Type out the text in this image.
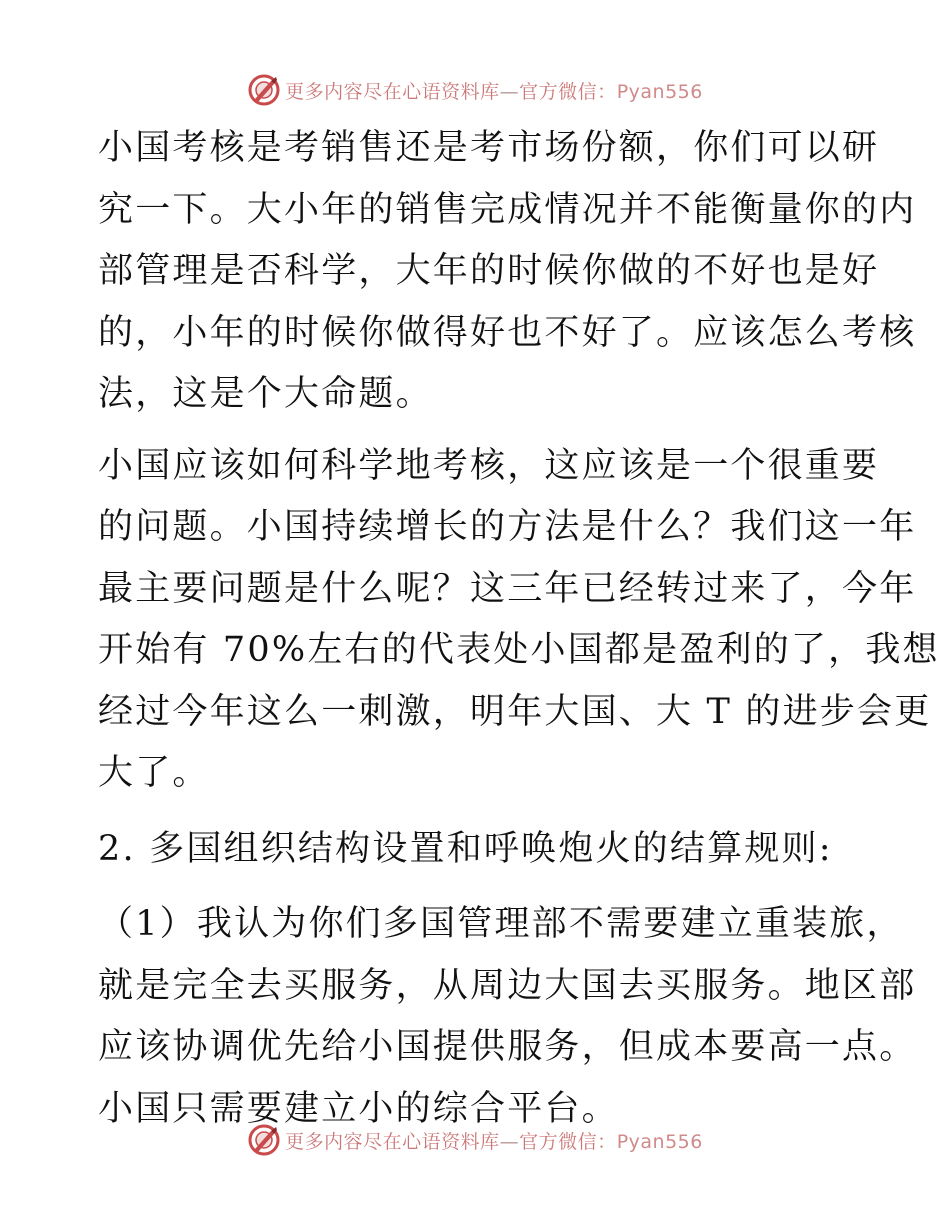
更多内容尽在心语资料库—官方微信：Pyan556

小国考核是考销售还是考市场份额，你们可以研
究一下。大小年的销售完成情况并不能衡量你的内
部管理是否科学，大年的时候你做的不好也是好
的，小年的时候你做得好也不好了。应该怎么考核
法，这是个大命题。

小国应该如何科学地考核，这应该是一个很重要
的问题。小国持续增长的方法是什么？我们这一年
最主要问题是什么呢？这三年已经转过来了，今年
开始有 70%左右的代表处小国都是盈利的了，我想
经过今年这么一刺激，明年大国、大 T 的进步会更
大了。

2. 多国组织结构设置和呼唤炮火的结算规则:

（1）我认为你们多国管理部不需要建立重装旅，
就是完全去买服务，从周边大国去买服务。地区部
应该协调优先给小国提供服务，但成本要高一点。
小国只需要建立小的综合平台。

更多内容尽在心语资料库—官方微信：Pyan556
